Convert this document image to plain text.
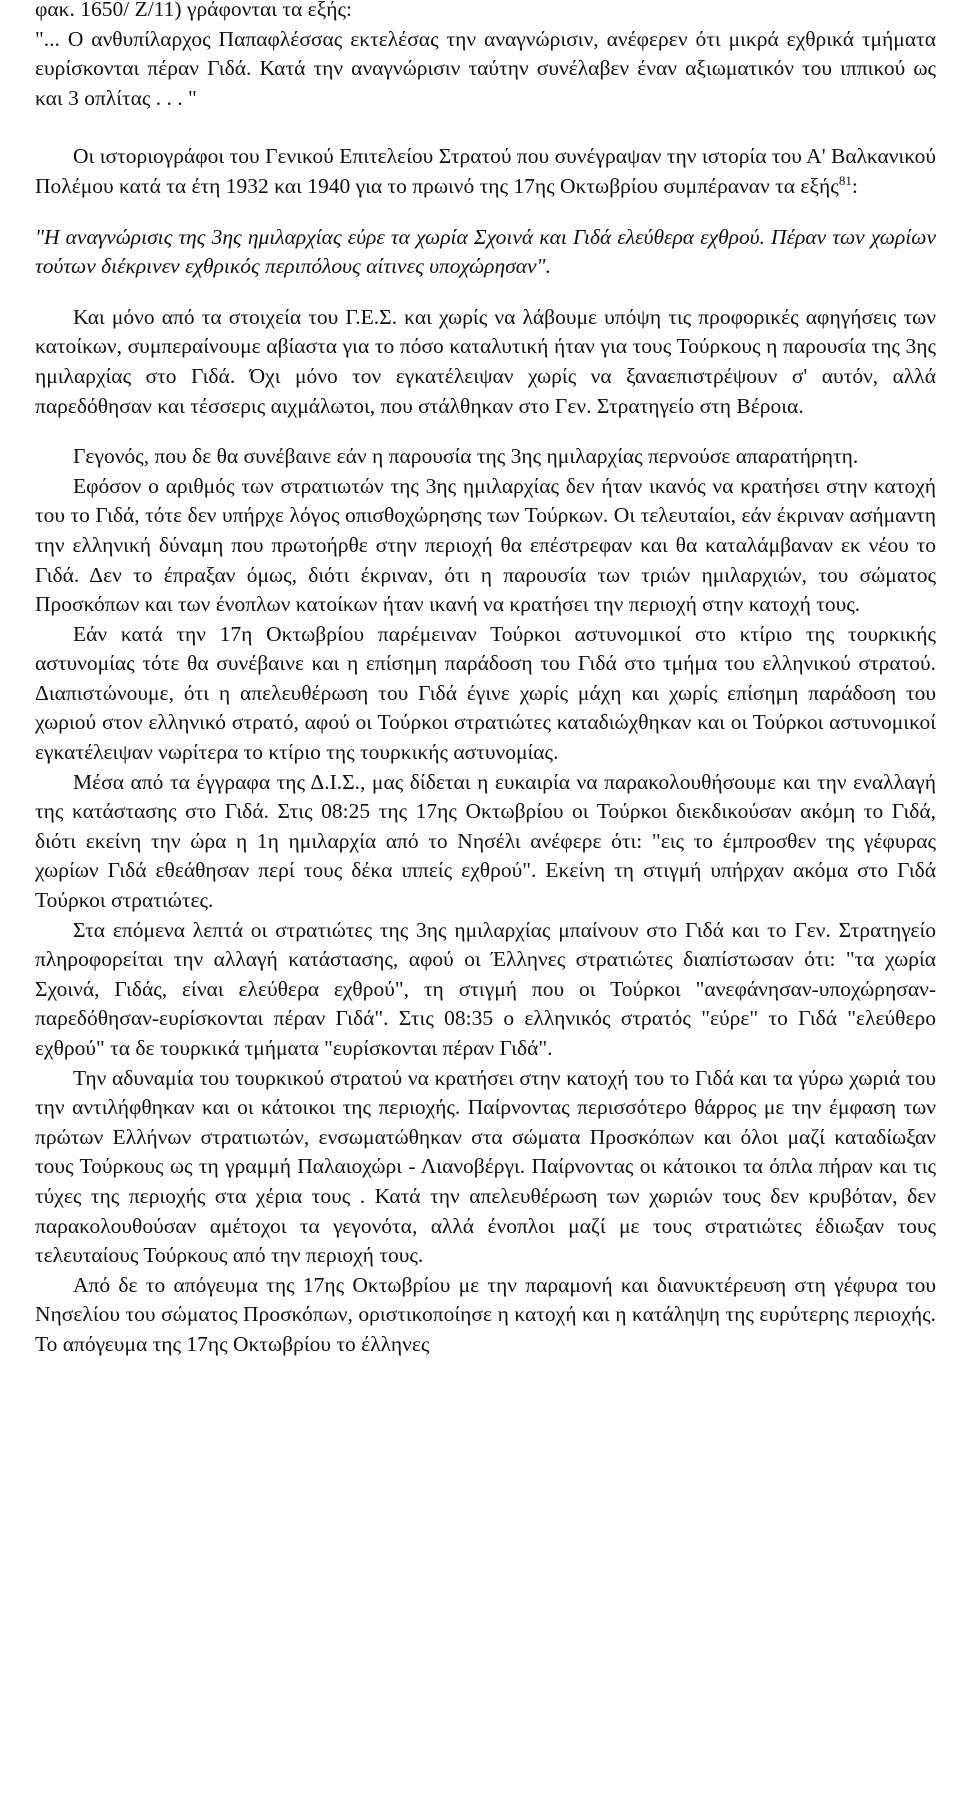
φακ. 1650/ Ζ/11) γράφονται τα εξής:

"... Ο ανθυπίλαρχος Παπαφλέσσας εκτελέσας την αναγνώρισιν, ανέφερεν ότι μικρά εχθρικά τμήματα ευρίσκονται πέραν Γιδά. Κατά την αναγνώρισιν ταύτην συνέλαβεν έναν αξιωματικόν του ιππικού ως και 3 οπλίτας . . . "

Οι ιστοριογράφοι του Γενικού Επιτελείου Στρατού που συνέγραψαν την ιστορία του Α' Βαλκανικού Πολέμου κατά τα έτη 1932 και 1940 για το πρωινό της 17ης Οκτωβρίου συμπέραναν τα εξής$^{81}$:

"Η αναγνώρισις της 3ης ημιλαρχίας εύρε τα χωρία Σχοινά και Γιδά ελεύθερα εχθρού. Πέραν των χωρίων τούτων διέκρινεν εχθρικός περιπόλους αίτινες υποχώρησαν".

Και μόνο από τα στοιχεία του Γ.Ε.Σ. και χωρίς να λάβουμε υπόψη τις προφορικές αφηγήσεις των κατοίκων, συμπεραίνουμε αβίαστα για το πόσο καταλυτική ήταν για τους Τούρκους η παρουσία της 3ης ημιλαρχίας στο Γιδά. Όχι μόνο τον εγκατέλειψαν χωρίς να ξαναεπιστρέψουν σ' αυτόν, αλλά παρεδόθησαν και τέσσερις αιχμάλωτοι, που στάλθηκαν στο Γεν. Στρατηγείο στη Βέροια.

Γεγονός, που δε θα συνέβαινε εάν η παρουσία της 3ης ημιλαρχίας περνούσε απαρατήρητη.

Εφόσον ο αριθμός των στρατιωτών της 3ης ημιλαρχίας δεν ήταν ικανός να κρατήσει στην κατοχή του το Γιδά, τότε δεν υπήρχε λόγος οπισθοχώρησης των Τούρκων. Οι τελευταίοι, εάν έκριναν ασήμαντη την ελληνική δύναμη που πρωτοήρθε στην περιοχή θα επέστρεφαν και θα καταλάμβαναν εκ νέου το Γιδά. Δεν το έπραξαν όμως, διότι έκριναν, ότι η παρουσία των τριών ημιλαρχιών, του σώματος Προσκόπων και των ένοπλων κατοίκων ήταν ικανή να κρατήσει την περιοχή στην κατοχή τους.

Εάν κατά την 17η Οκτωβρίου παρέμειναν Τούρκοι αστυνομικοί στο κτίριο της τουρκικής αστυνομίας τότε θα συνέβαινε και η επίσημη παράδοση του Γιδά στο τμήμα του ελληνικού στρατού. Διαπιστώνουμε, ότι η απελευθέρωση του Γιδά έγινε χωρίς μάχη και χωρίς επίσημη παράδοση του χωριού στον ελληνικό στρατό, αφού οι Τούρκοι στρατιώτες καταδιώχθηκαν και οι Τούρκοι αστυνομικοί εγκατέλειψαν νωρίτερα το κτίριο της τουρκικής αστυνομίας.

Μέσα από τα έγγραφα της Δ.Ι.Σ., μας δίδεται η ευκαιρία να παρακολουθήσουμε και την εναλλαγή της κατάστασης στο Γιδά. Στις 08:25 της 17ης Οκτωβρίου οι Τούρκοι διεκδικούσαν ακόμη το Γιδά, διότι εκείνη την ώρα η 1η ημιλαρχία από το Νησέλι ανέφερε ότι: "εις το έμπροσθεν της γέφυρας χωρίων Γιδά εθεάθησαν περί τους δέκα ιππείς εχθρού". Εκείνη τη στιγμή υπήρχαν ακόμα στο Γιδά Τούρκοι στρατιώτες.

Στα επόμενα λεπτά οι στρατιώτες της 3ης ημιλαρχίας μπαίνουν στο Γιδά και το Γεν. Στρατηγείο πληροφορείται την αλλαγή κατάστασης, αφού οι Έλληνες στρατιώτες διαπίστωσαν ότι: "τα χωρία Σχοινά, Γιδάς, είναι ελεύθερα εχθρού", τη στιγμή που οι Τούρκοι "ανεφάνησαν-υποχώρησαν-παρεδόθησαν-ευρίσκονται πέραν Γιδά". Στις 08:35 ο ελληνικός στρατός "εύρε" το Γιδά "ελεύθερο εχθρού" τα δε τουρκικά τμήματα "ευρίσκονται πέραν Γιδά".

Την αδυναμία του τουρκικού στρατού να κρατήσει στην κατοχή του το Γιδά και τα γύρω χωριά του την αντιλήφθηκαν και οι κάτοικοι της περιοχής. Παίρνοντας περισσότερο θάρρος με την έμφαση των πρώτων Ελλήνων στρατιωτών, ενσωματώθηκαν στα σώματα Προσκόπων και όλοι μαζί καταδίωξαν τους Τούρκους ως τη γραμμή Παλαιοχώρι - Λιανοβέργι. Παίρνοντας οι κάτοικοι τα όπλα πήραν και τις τύχες της περιοχής στα χέρια τους . Κατά την απελευθέρωση των χωριών τους δεν κρυβόταν, δεν παρακολουθούσαν αμέτοχοι τα γεγονότα, αλλά ένοπλοι μαζί με τους στρατιώτες έδιωξαν τους τελευταίους Τούρκους από την περιοχή τους.

Από δε το απόγευμα της 17ης Οκτωβρίου με την παραμονή και διανυκτέρευση στη γέφυρα του Νησελίου του σώματος Προσκόπων, οριστικοποίησε η κατοχή και η κατάληψη της ευρύτερης περιοχής. Το απόγευμα της 17ης Οκτωβρίου το έλληνες
